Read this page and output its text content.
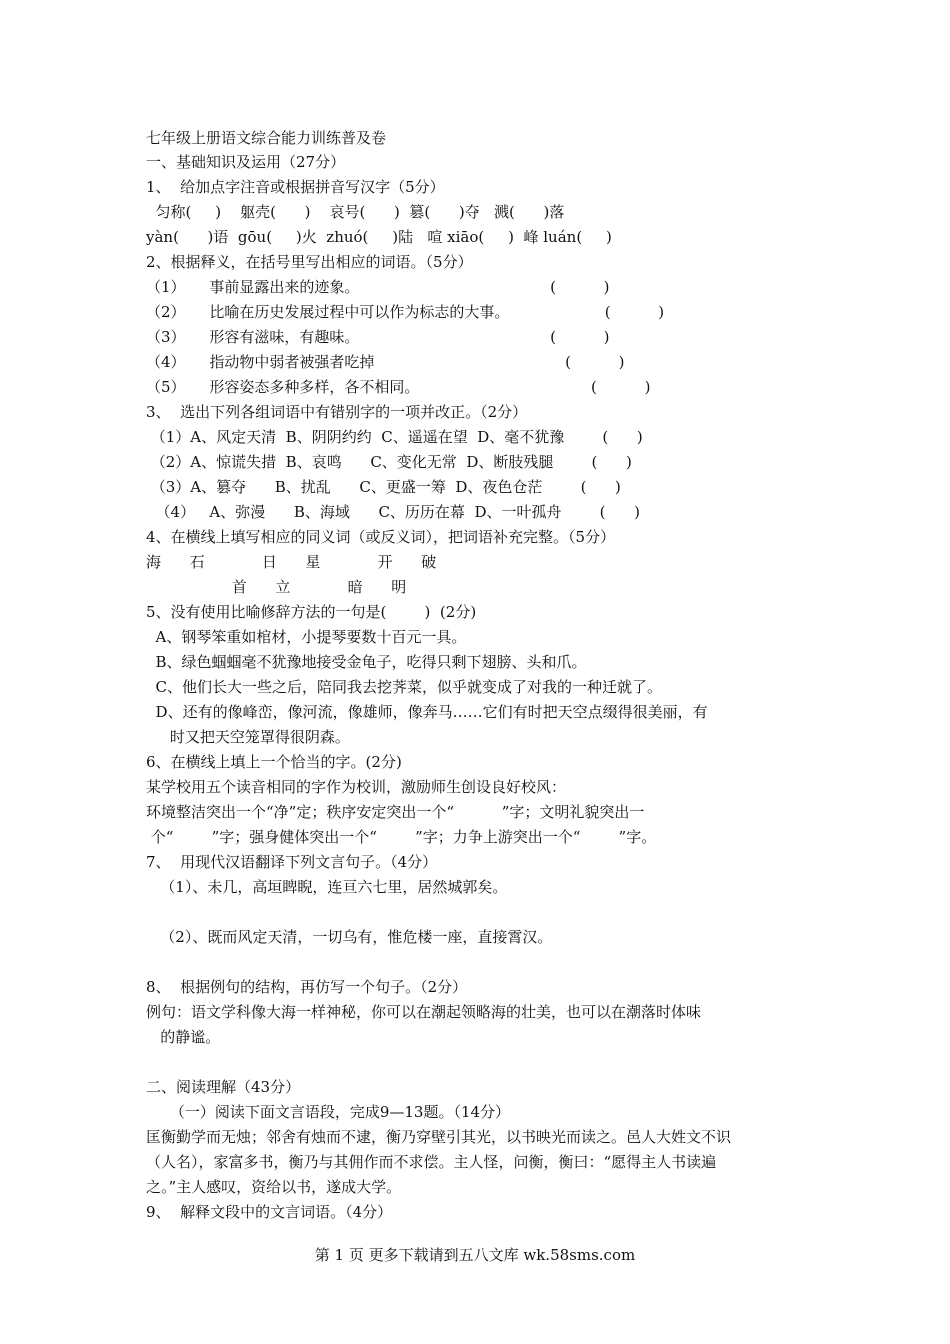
七年级上册语文综合能力训练普及卷
一、基础知识及运用（27分）
1、  给加点字注音或根据拼音写汉字（5分）
匀称(     )    躯壳(      )    哀号(      )  篡(      )夺   溅(      )落
yàn(      )语  gōu(     )火  zhuó(     )陆   喧 xiāo(     )  峰 luán(     )
2、根据释义，在括号里写出相应的词语。（5分）
（1）     事前显露出来的迹象。                                        (          )
（2）     比喻在历史发展过程中可以作为标志的大事。                    (          )
（3）     形容有滋味，有趣味。                                        (          )
（4）     指动物中弱者被强者吃掉                                        (          )
（5）     形容姿态多种多样，各不相同。                                    (          )
3、  选出下列各组词语中有错别字的一项并改正。（2分）
（1）A、风定天清  B、阴阴约约  C、遥遥在望  D、毫不犹豫        (      )
（2）A、惊谎失措  B、哀鸣      C、变化无常  D、断肢残腿        (      )
（3）A、篡夺      B、扰乱      C、更盛一筹  D、夜色仓茫        (      )
（4）   A、弥漫      B、海域      C、历历在幕  D、一叶孤舟        (      )
4、在横线上填写相应的同义词（或反义词），把词语补充完整。（5分）
海      石            日      星            开      破
首      立            暗      明
5、没有使用比喻修辞方法的一句是(        )  (2分)
A、钢琴笨重如棺材，小提琴要数十百元一具。
B、绿色蝈蝈毫不犹豫地接受金龟子，吃得只剩下翅膀、头和爪。
C、他们长大一些之后，陪同我去挖荠菜，似乎就变成了对我的一种迁就了。
D、还有的像峰峦，像河流，像雄师，像奔马……它们有时把天空点缀得很美丽，有
时又把天空笼罩得很阴森。
6、在横线上填上一个恰当的字。(2分)
某学校用五个读音相同的字作为校训，激励师生创设良好校风：
环境整洁突出一个“净”定；秩序安定突出一个“          ”字；文明礼貌突出一
个“        ”字；强身健体突出一个“        ”字；力争上游突出一个“        ”字。
7、  用现代汉语翻译下列文言句子。（4分）
（1）、未几，高垣睥睨，连亘六七里，居然城郭矣。
（2）、既而风定天清，一切乌有，惟危楼一座，直接霄汉。
8、  根据例句的结构，再仿写一个句子。（2分）
例句：语文学科像大海一样神秘，你可以在潮起领略海的壮美，也可以在潮落时体味
的静谧。
二、阅读理解（43分）
（一）阅读下面文言语段，完成9—13题。（14分）
匡衡勤学而无烛；邻舍有烛而不逮，衡乃穿壁引其光，以书映光而读之。邑人大姓文不识
（人名），家富多书，衡乃与其佣作而不求偿。主人怪，问衡，衡曰：“愿得主人书读遍
之。”主人感叹，资给以书，遂成大学。
9、  解释文段中的文言词语。（4分）
第 1 页 更多下载请到五八文库 wk.58sms.com
